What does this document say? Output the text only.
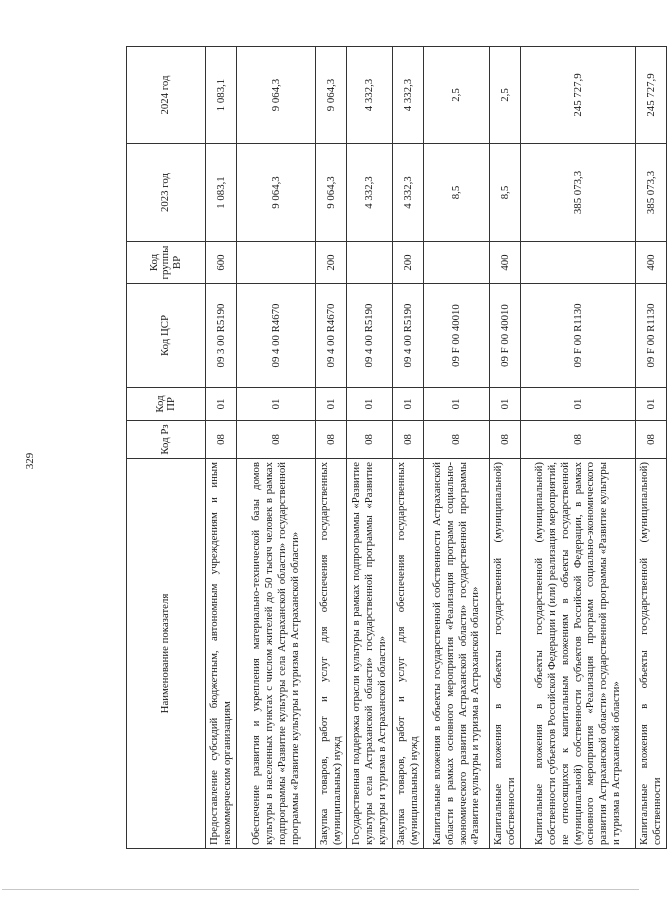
329
Наименование показателя	Код Рз	Код ПР	Код ЦСР	Код группы ВР	2023 год	2024 год
Предоставление субсидий бюджетным, автономным учреждениям и иным некоммерческим организациям	08	01	09 3 00 R5190	600	1 083,1	1 083,1
Обеспечение развития и укрепления материально-технической базы домов культуры в населенных пунктах с числом жителей до 50 тысяч человек в рамках подпрограммы «Развитие культуры села Астраханской области» государственной программы «Развитие культуры и туризма в Астраханской области»	08	01	09 4 00 R4670		9 064,3	9 064,3
Закупка товаров, работ и услуг для обеспечения государственных (муниципальных) нужд	08	01	09 4 00 R4670	200	9 064,3	9 064,3
Государственная поддержка отрасли культуры в рамках подпрограммы «Развитие культуры села Астраханской области» государственной программы «Развитие культуры и туризма в Астраханской области»	08	01	09 4 00 R5190		4 332,3	4 332,3
Закупка товаров, работ и услуг для обеспечения государственных (муниципальных) нужд	08	01	09 4 00 R5190	200	4 332,3	4 332,3
Капитальные вложения в объекты государственной собственности Астраханской области в рамках основного мероприятия «Реализация программ социально-экономического развития Астраханской области» государственной программы «Развитие культуры и туризма в Астраханской области»	08	01	09 F 00 40010		8,5	2,5
Капитальные вложения в объекты государственной (муниципальной) собственности	08	01	09 F 00 40010	400	8,5	2,5
Капитальные вложения в объекты государственной (муниципальной) собственности субъектов Российской Федерации и (или) реализация мероприятий, не относящихся к капитальным вложениям в объекты государственной (муниципальной) собственности субъектов Российской Федерации, в рамках основного мероприятия «Реализация программ социально-экономического развития Астраханской области» государственной программы «Развитие культуры и туризма в Астраханской области»	08	01	09 F 00 R1130		385 073,3	245 727,9
Капитальные вложения в объекты государственной (муниципальной) собственности	08	01	09 F 00 R1130	400	385 073,3	245 727,9
